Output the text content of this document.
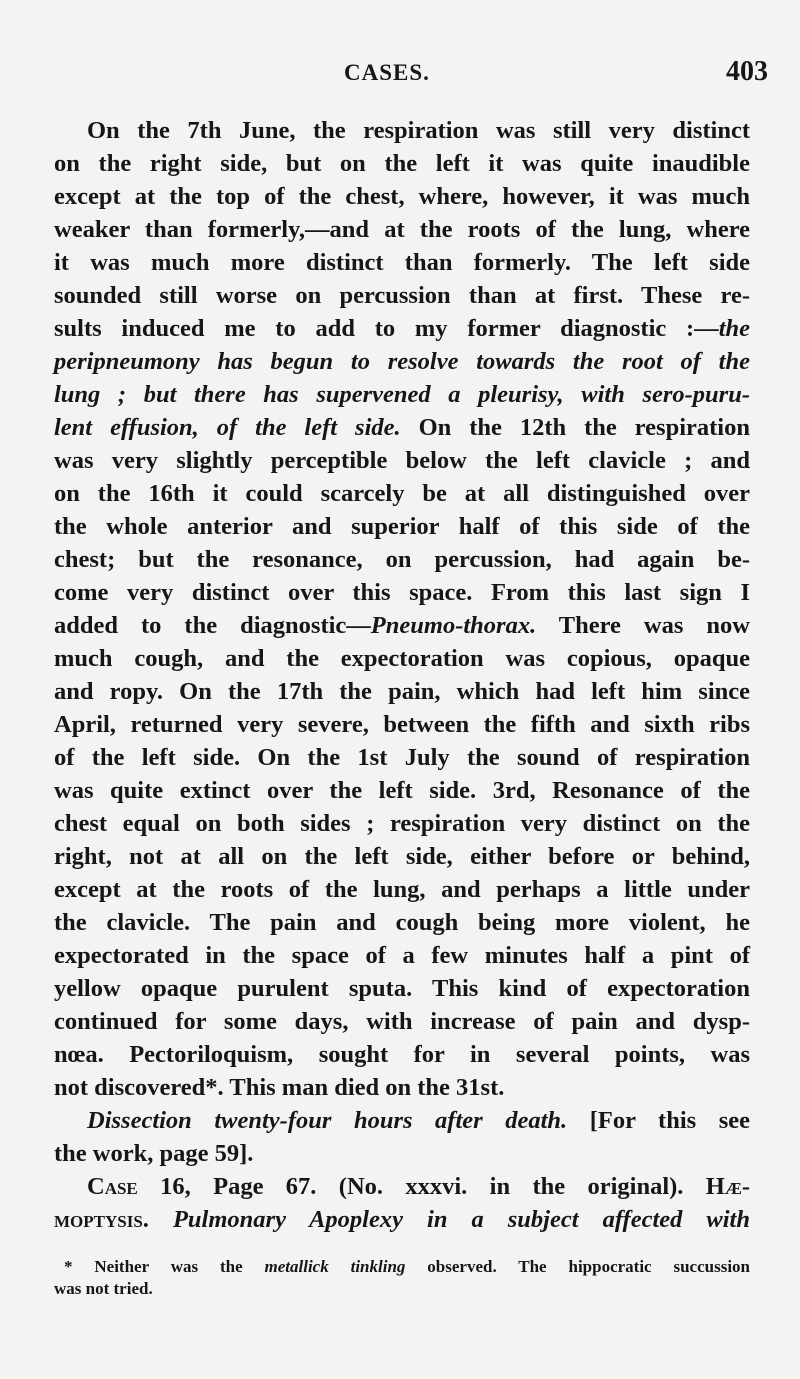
CASES.	403
On the 7th June, the respiration was still very distinct
on the right side, but on the left it was quite inaudible
except at the top of the chest, where, however, it was much
weaker than formerly,—and at the roots of the lung, where
it was much more distinct than formerly. The left side
sounded still worse on percussion than at first. These re-
sults induced me to add to my former diagnostic :—the
peripneumony has begun to resolve towards the root of the
lung ; but there has supervened a pleurisy, with sero-puru-
lent effusion, of the left side. On the 12th the respiration
was very slightly perceptible below the left clavicle ; and
on the 16th it could scarcely be at all distinguished over
the whole anterior and superior half of this side of the
chest; but the resonance, on percussion, had again be-
come very distinct over this space. From this last sign I
added to the diagnostic—Pneumo-thorax. There was now
much cough, and the expectoration was copious, opaque
and ropy. On the 17th the pain, which had left him since
April, returned very severe, between the fifth and sixth ribs
of the left side. On the 1st July the sound of respiration
was quite extinct over the left side. 3rd, Resonance of the
chest equal on both sides ; respiration very distinct on the
right, not at all on the left side, either before or behind,
except at the roots of the lung, and perhaps a little under
the clavicle. The pain and cough being more violent, he
expectorated in the space of a few minutes half a pint of
yellow opaque purulent sputa. This kind of expectoration
continued for some days, with increase of pain and dysp-
nœa. Pectoriloquism, sought for in several points, was
not discovered*. This man died on the 31st.
Dissection twenty-four hours after death. [For this see
the work, page 59].
Case 16, Page 67. (No. xxxvi. in the original). Hæ-
moptysis. Pulmonary Apoplexy in a subject affected with
* Neither was the metallick tinkling observed. The hippocratic succussion
was not tried.
